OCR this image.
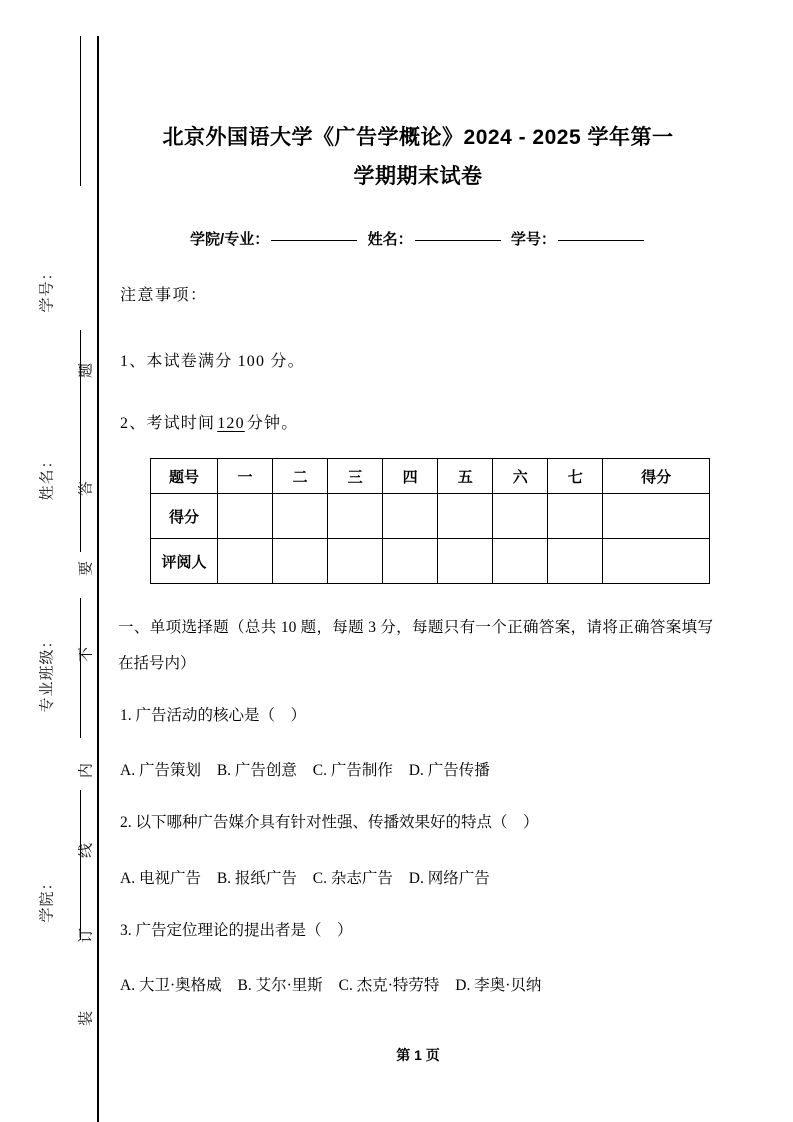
学号：
姓名：
专业班级：
学院：
题
答
要
不
内
线
订
装
北京外国语大学《广告学概论》2024 - 2025 学年第一
学期期末试卷
学院/专业：	姓名：	学号：
注意事项：
1、本试卷满分 100 分。
2、考试时间 120 分钟。
题号	一	二	三	四	五	六	七	得分
得分								
评阅人								
一、单项选择题（总共 10 题，每题 3 分，每题只有一个正确答案，请将正确答案填写在括号内）
1. 广告活动的核心是（　）
A. 广告策划 B. 广告创意 C. 广告制作 D. 广告传播
2. 以下哪种广告媒介具有针对性强、传播效果好的特点（　）
A. 电视广告 B. 报纸广告 C. 杂志广告 D. 网络广告
3. 广告定位理论的提出者是（　）
A. 大卫·奥格威 B. 艾尔·里斯 C. 杰克·特劳特 D. 李奥·贝纳
第 1 页
